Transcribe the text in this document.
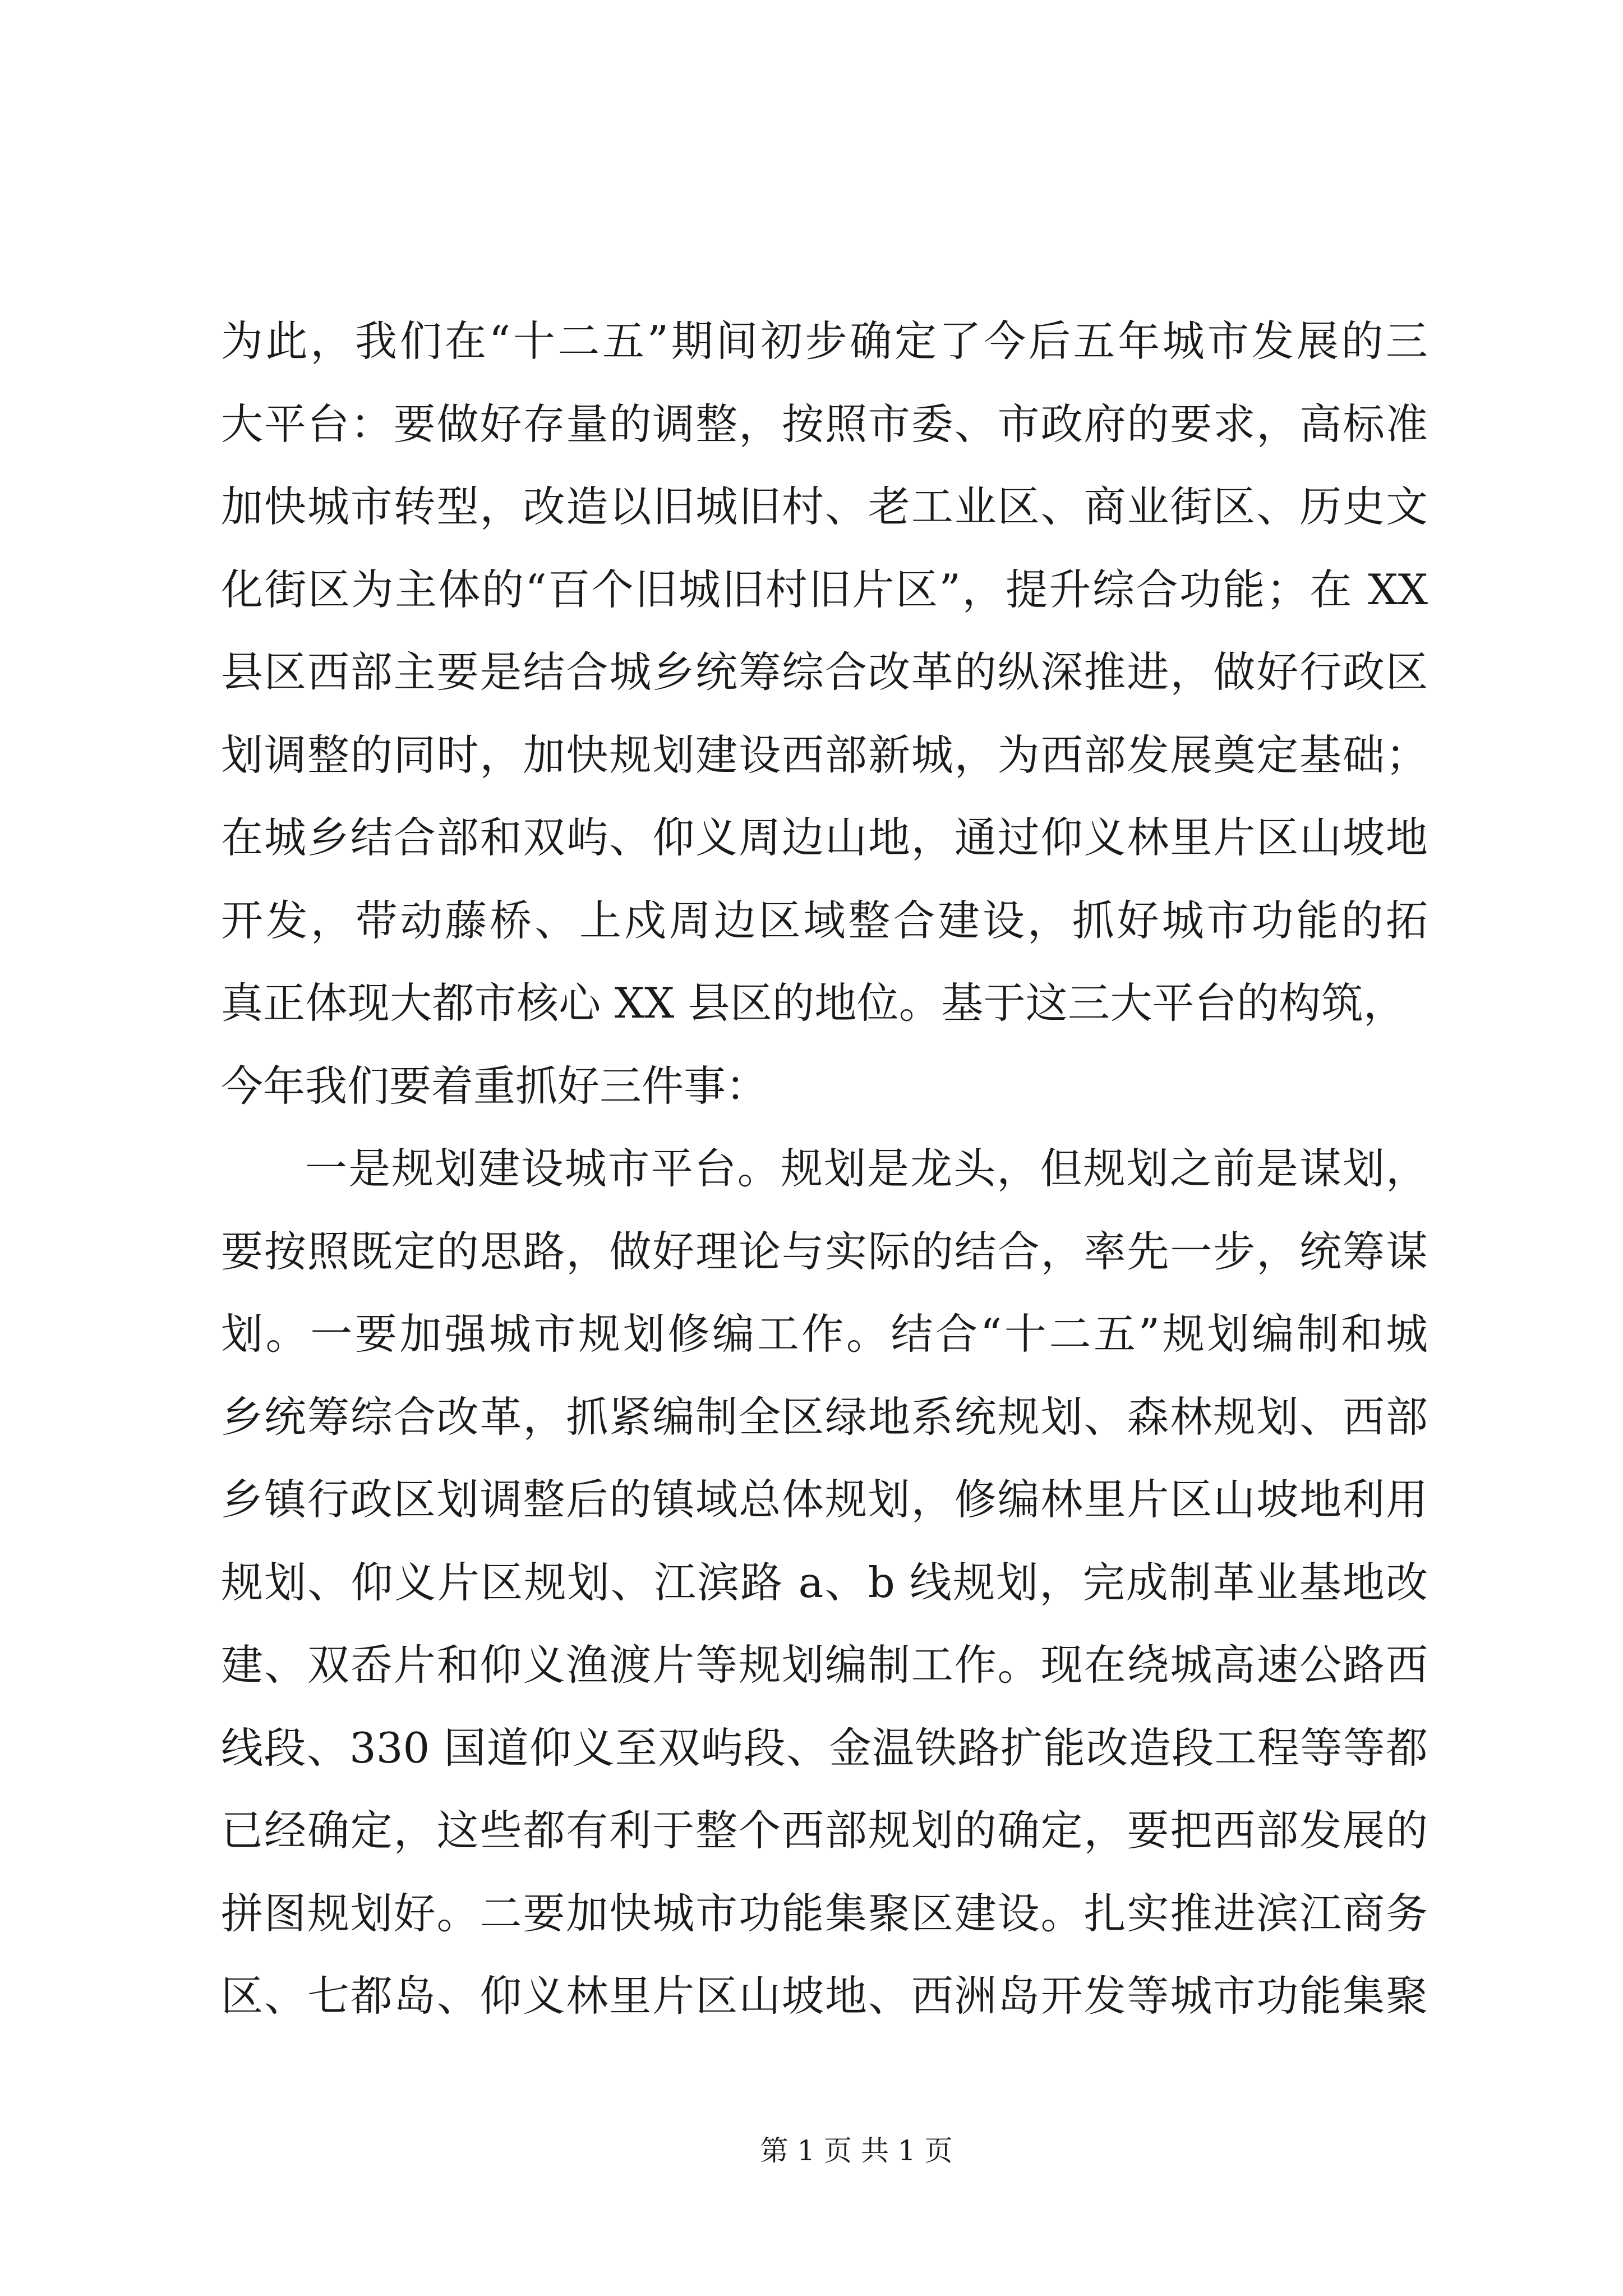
为此，我们在“十二五”期间初步确定了今后五年城市发展的三
大平台：要做好存量的调整，按照市委、市政府的要求，高标准
加快城市转型，改造以旧城旧村、老工业区、商业街区、历史文
化街区为主体的“百个旧城旧村旧片区”，提升综合功能；在 XX
县区西部主要是结合城乡统筹综合改革的纵深推进，做好行政区
划调整的同时，加快规划建设西部新城，为西部发展奠定基础；
在城乡结合部和双屿、仰义周边山地，通过仰义林里片区山坡地
开发，带动藤桥、上戍周边区域整合建设，抓好城市功能的拓
真正体现大都市核心 XX 县区的地位。基于这三大平台的构筑，
今年我们要着重抓好三件事：
一是规划建设城市平台。规划是龙头，但规划之前是谋划，
要按照既定的思路，做好理论与实际的结合，率先一步，统筹谋
划。一要加强城市规划修编工作。结合“十二五”规划编制和城
乡统筹综合改革，抓紧编制全区绿地系统规划、森林规划、西部
乡镇行政区划调整后的镇域总体规划，修编林里片区山坡地利用
规划、仰义片区规划、江滨路 a、b 线规划，完成制革业基地改
建、双岙片和仰义渔渡片等规划编制工作。现在绕城高速公路西
线段、330 国道仰义至双屿段、金温铁路扩能改造段工程等等都
已经确定，这些都有利于整个西部规划的确定，要把西部发展的
拼图规划好。二要加快城市功能集聚区建设。扎实推进滨江商务
区、七都岛、仰义林里片区山坡地、西洲岛开发等城市功能集聚
第 1 页 共 1 页
